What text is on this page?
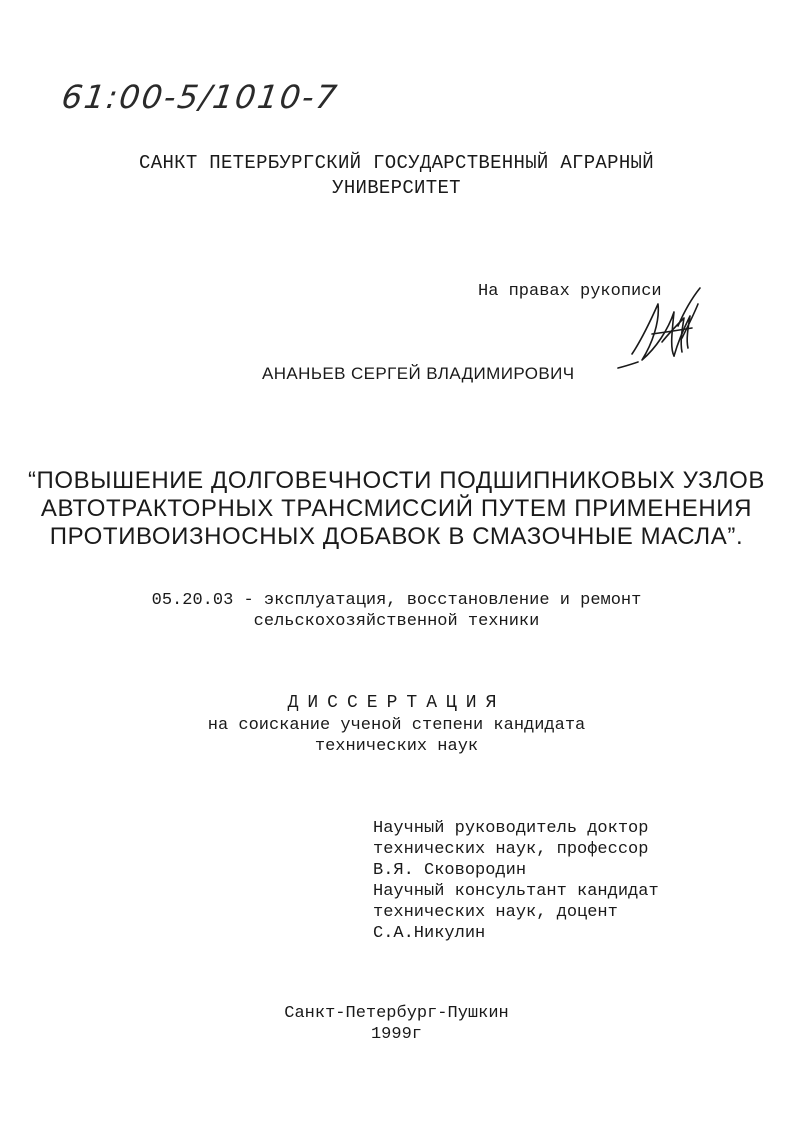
61:00-5/1010-7
САНКТ ПЕТЕРБУРГСКИЙ ГОСУДАРСТВЕННЫЙ АГРАРНЫЙ
УНИВЕРСИТЕТ
На правах рукописи
АНАНЬЕВ СЕРГЕЙ ВЛАДИМИРОВИЧ
“ПОВЫШЕНИЕ ДОЛГОВЕЧНОСТИ ПОДШИПНИКОВЫХ УЗЛОВ
АВТОТРАКТОРНЫХ ТРАНСМИССИЙ ПУТЕМ ПРИМЕНЕНИЯ
ПРОТИВОИЗНОСНЫХ ДОБАВОК В СМАЗОЧНЫЕ МАСЛА”.
05.20.03 - эксплуатация, восстановление и ремонт
сельскохозяйственной техники
ДИССЕРТАЦИЯ
на соискание ученой степени кандидата
технических наук
Научный руководитель доктор
технических наук, профессор
В.Я. Сковородин
Научный консультант кандидат
технических наук, доцент
С.А.Никулин
Санкт-Петербург-Пушкин
1999г
